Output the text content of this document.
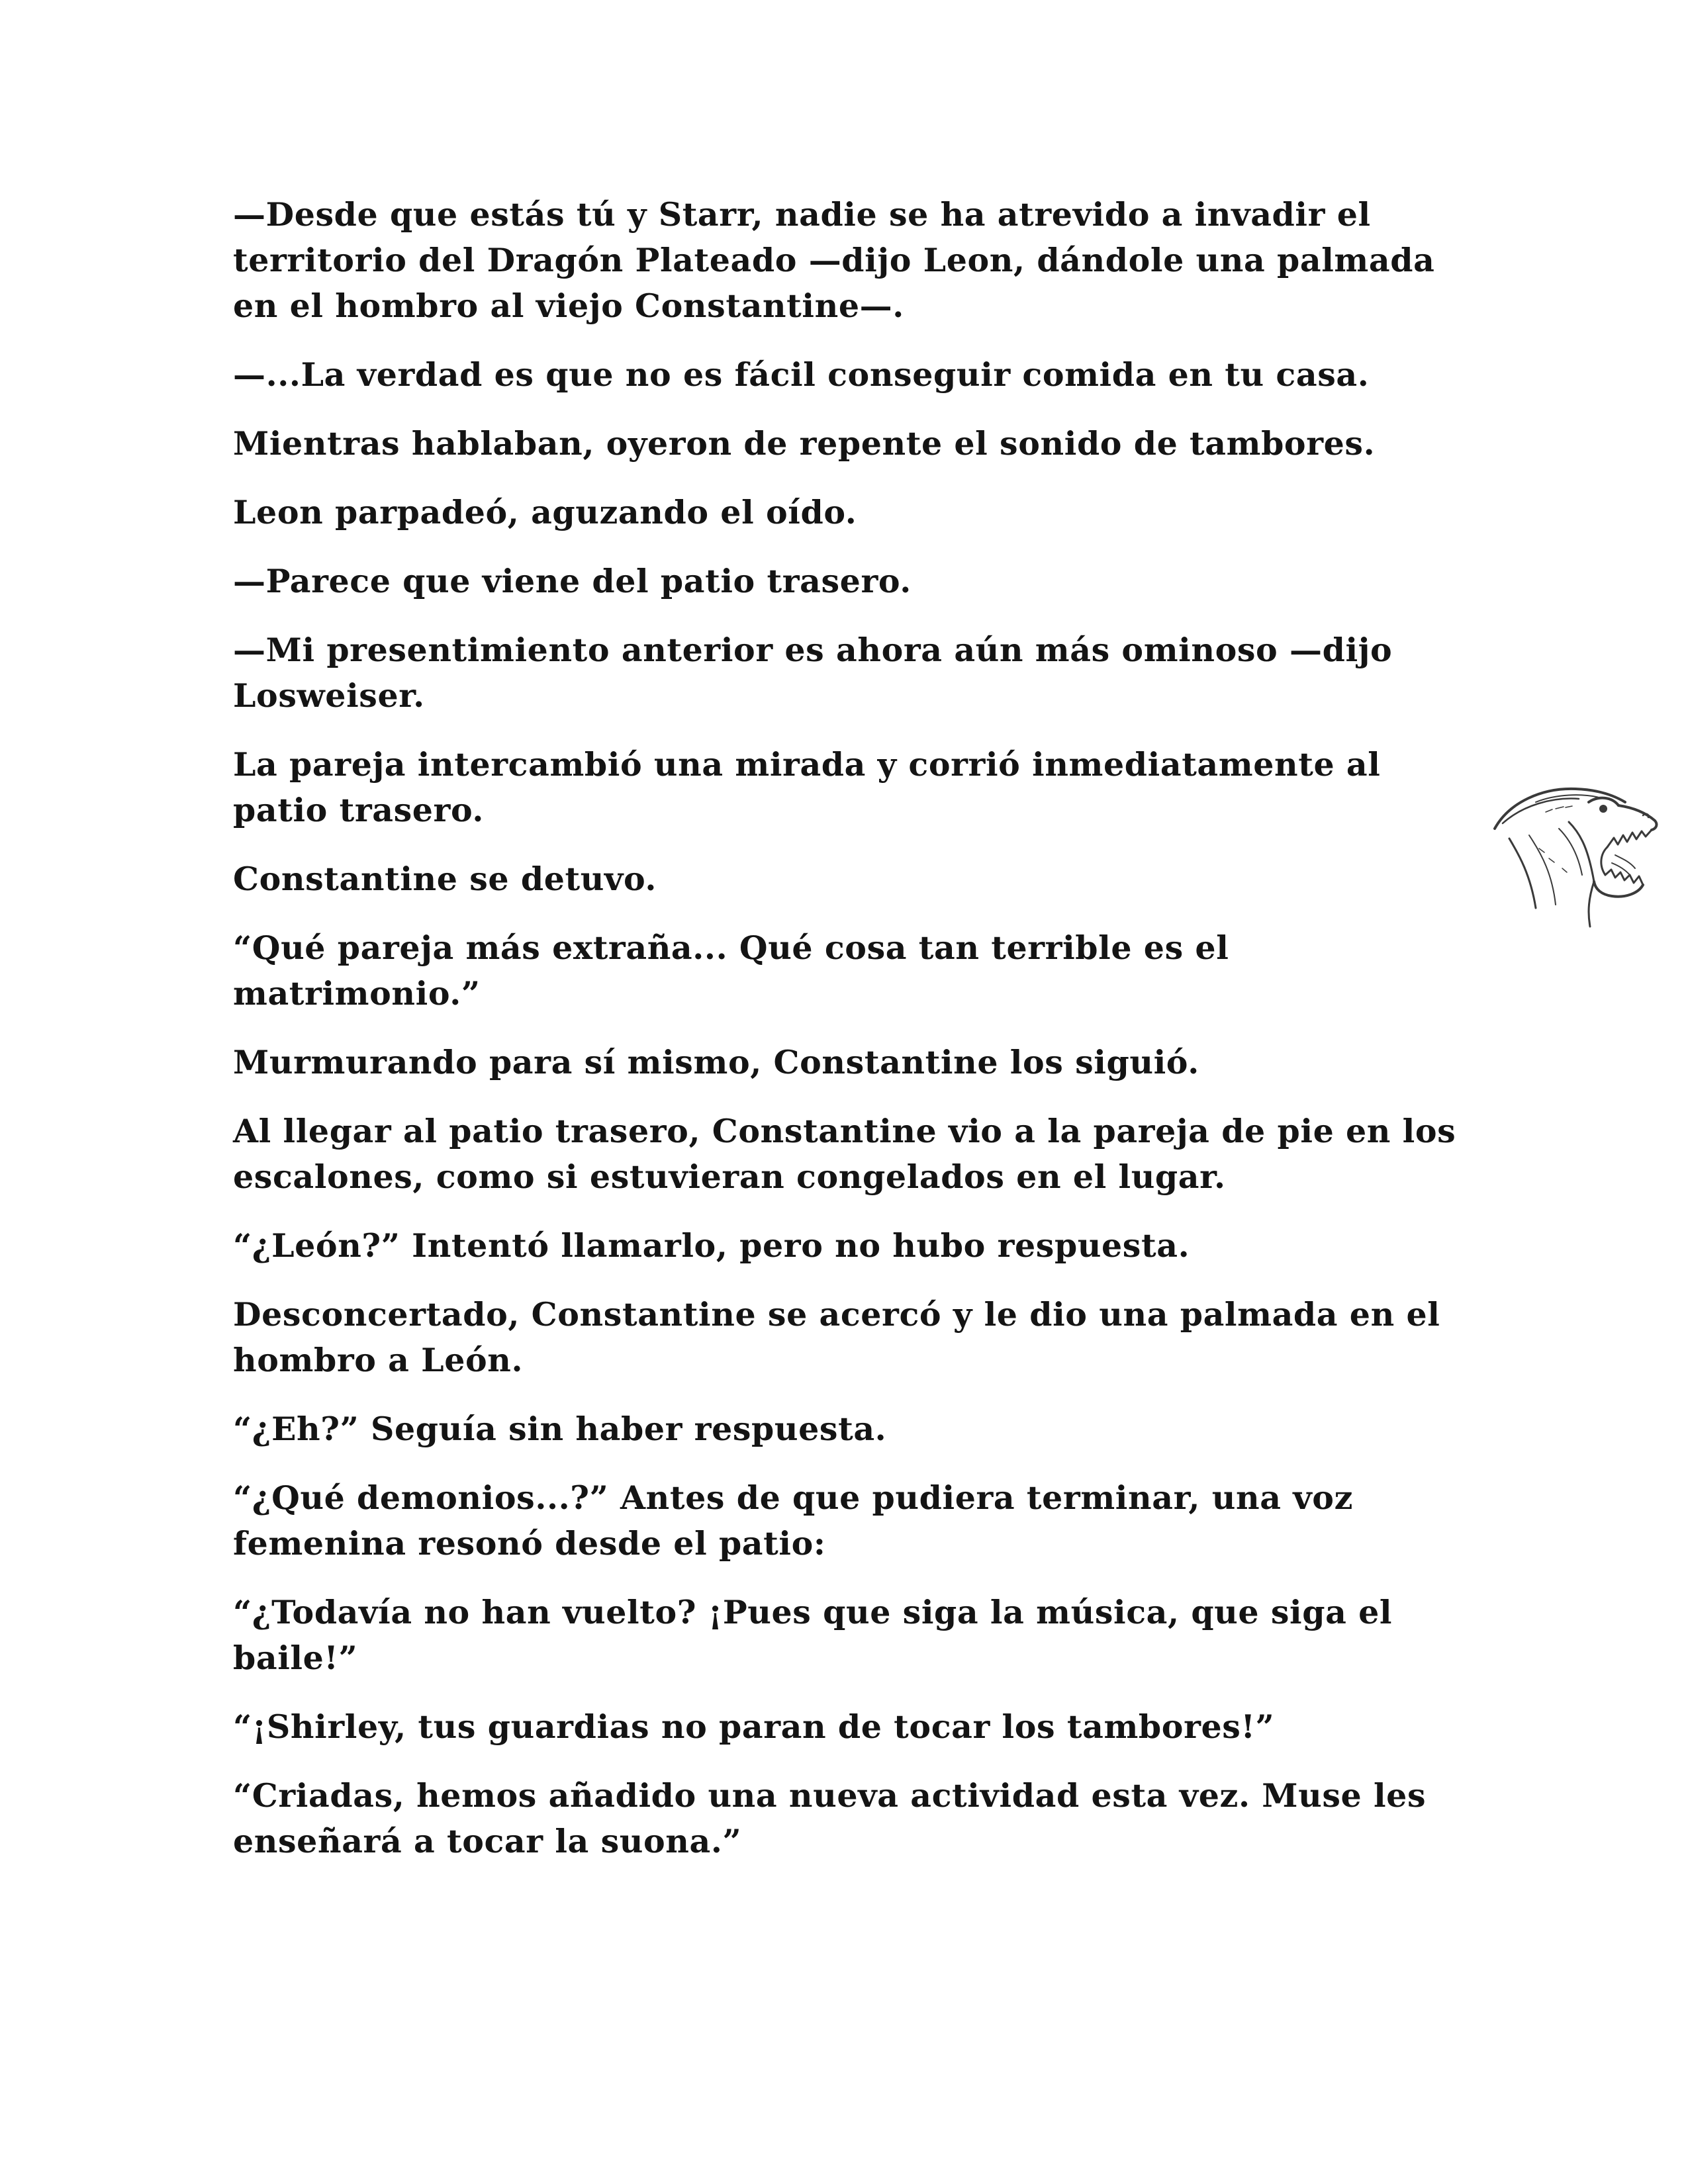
—Desde que estás tú y Starr, nadie se ha atrevido a invadir el territorio del Dragón Plateado —dijo Leon, dándole una palmada en el hombro al viejo Constantine—.

—...La verdad es que no es fácil conseguir comida en tu casa.

Mientras hablaban, oyeron de repente el sonido de tambores.

Leon parpadeó, aguzando el oído.

—Parece que viene del patio trasero.

—Mi presentimiento anterior es ahora aún más ominoso —dijo Losweiser.

La pareja intercambió una mirada y corrió inmediatamente al patio trasero.

Constantine se detuvo.

“Qué pareja más extraña... Qué cosa tan terrible es el matrimonio.”

Murmurando para sí mismo, Constantine los siguió.

Al llegar al patio trasero, Constantine vio a la pareja de pie en los escalones, como si estuvieran congelados en el lugar.

“¿León?” Intentó llamarlo, pero no hubo respuesta.

Desconcertado, Constantine se acercó y le dio una palmada en el hombro a León.

“¿Eh?” Seguía sin haber respuesta.

“¿Qué demonios...?” Antes de que pudiera terminar, una voz femenina resonó desde el patio:

“¿Todavía no han vuelto? ¡Pues que siga la música, que siga el baile!”

“¡Shirley, tus guardias no paran de tocar los tambores!”

“Criadas, hemos añadido una nueva actividad esta vez. Muse les enseñará a tocar la suona.”
